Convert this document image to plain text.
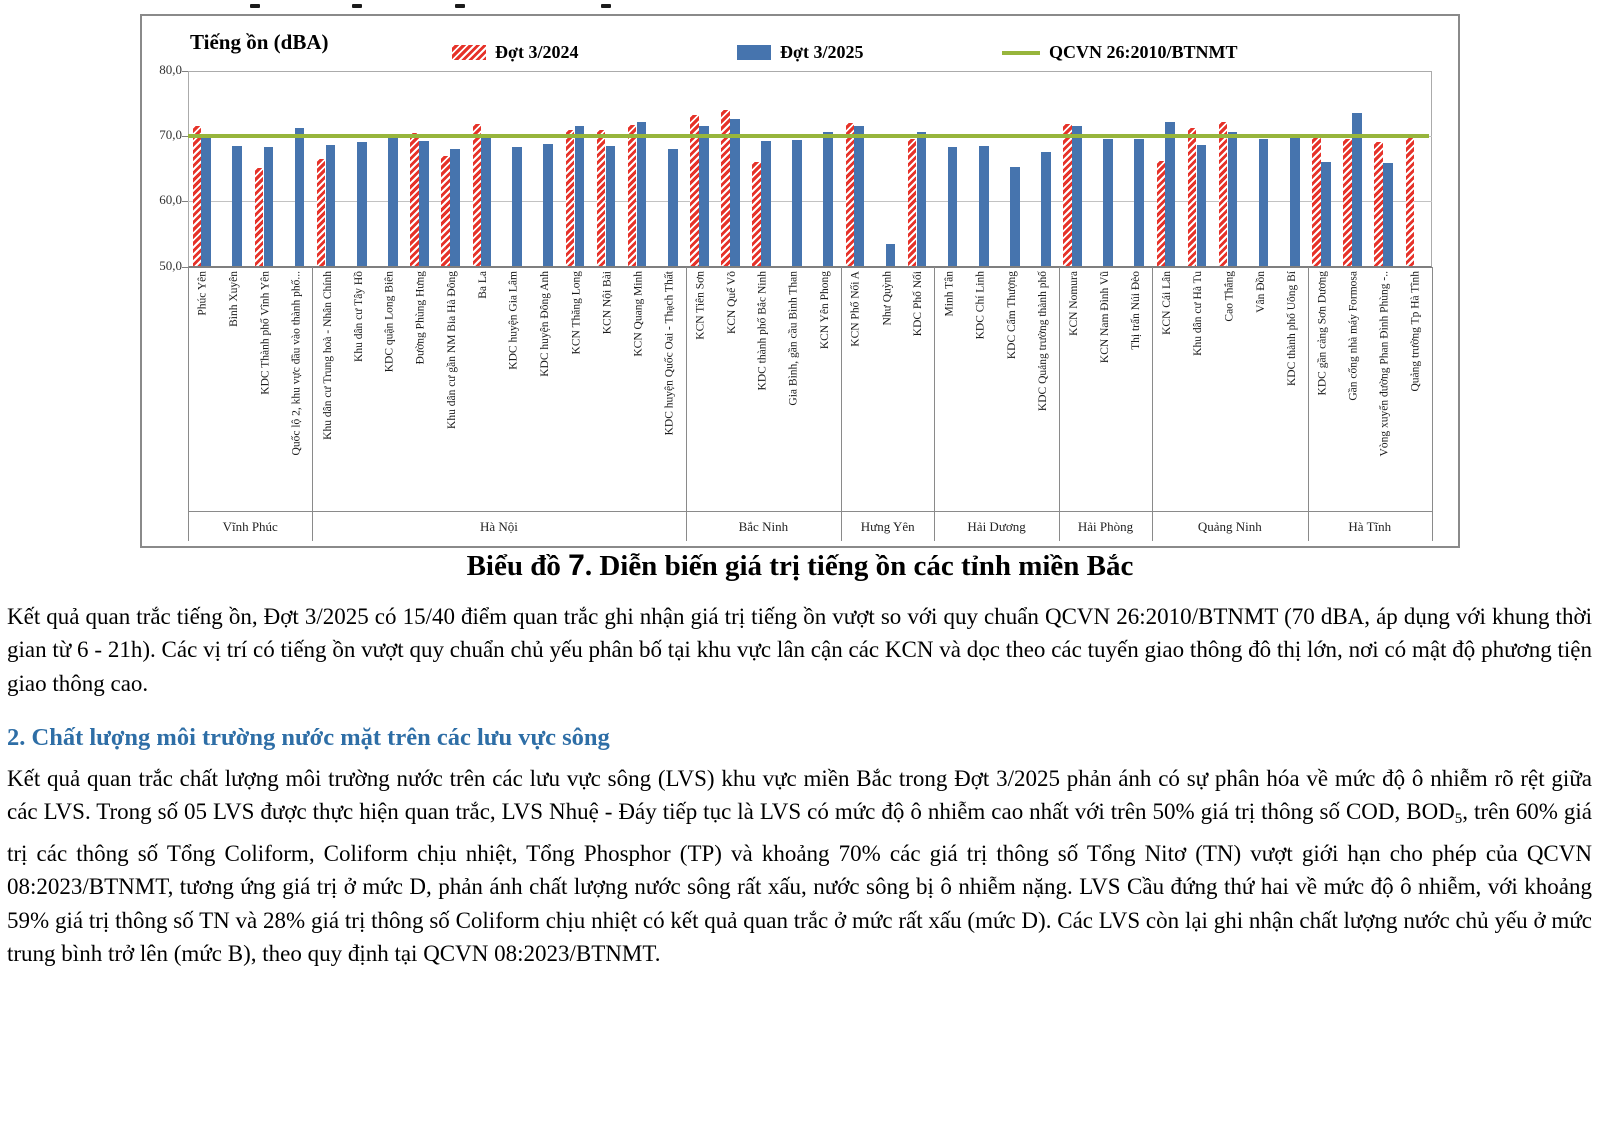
Tiếng ồn (dBA)	Đợt 3/2024	Đợt 3/2025	QCVN 26:2010/BTNMT
80,0
70,0
60,0
50,0
Phúc Yên Bình Xuyên KDC Thành phố Vĩnh Yên Quốc lộ 2, khu vực đầu vào thành phố... Khu dân cư Trung hoà - Nhân Chính Khu dân cư Tây Hồ KDC quận Long Biên Đường Phùng Hưng Khu dân cư gần NM Bia Hà Đông Ba La KDC huyện Gia Lâm KDC huyện Đông Anh KCN Thăng Long KCN Nội Bài KCN Quang Minh KDC huyện Quốc Oai - Thạch Thất KCN Tiên Sơn KCN Quế Võ KDC thành phố Bắc Ninh Gia Bình, gần cầu Bình Than KCN Yên Phong KCN Phố Nối A Như Quỳnh KDC Phố Nối Minh Tân KDC Chí Linh KDC Cẩm Thượng KDC Quảng trường thành phố KCN Nomura KCN Nam Đình Vũ Thị trấn Núi Đèo KCN Cái Lân Khu dân cư Hà Tu Cao Thắng Vân Đồn KDC thành phố Uông Bí KDC gần cảng Sơn Dương Gần cổng nhà máy Formosa Vòng xuyến đường Phan Đình Phùng -.. Quảng trường Tp Hà Tĩnh
Vĩnh Phúc	Hà Nội	Bắc Ninh	Hưng Yên	Hải Dương	Hải Phòng	Quảng Ninh	Hà Tĩnh
Biểu đồ 7. Diễn biến giá trị tiếng ồn các tỉnh miền Bắc
Kết quả quan trắc tiếng ồn, Đợt 3/2025 có 15/40 điểm quan trắc ghi nhận giá trị tiếng ồn vượt so với quy chuẩn QCVN 26:2010/BTNMT (70 dBA, áp dụng với khung thời gian từ 6 - 21h). Các vị trí có tiếng ồn vượt quy chuẩn chủ yếu phân bố tại khu vực lân cận các KCN và dọc theo các tuyến giao thông đô thị lớn, nơi có mật độ phương tiện giao thông cao.
2. Chất lượng môi trường nước mặt trên các lưu vực sông
Kết quả quan trắc chất lượng môi trường nước trên các lưu vực sông (LVS) khu vực miền Bắc trong Đợt 3/2025 phản ánh có sự phân hóa về mức độ ô nhiễm rõ rệt giữa các LVS. Trong số 05 LVS được thực hiện quan trắc, LVS Nhuệ - Đáy tiếp tục là LVS có mức độ ô nhiễm cao nhất với trên 50% giá trị thông số COD, $BOD_5$, trên 60% giá trị các thông số Tổng Coliform, Coliform chịu nhiệt, Tổng Phosphor (TP) và khoảng 70% các giá trị thông số Tổng Nitơ (TN) vượt giới hạn cho phép của QCVN 08:2023/BTNMT, tương ứng giá trị ở mức D, phản ánh chất lượng nước sông rất xấu, nước sông bị ô nhiễm nặng. LVS Cầu đứng thứ hai về mức độ ô nhiễm, với khoảng 59% giá trị thông số TN và 28% giá trị thông số Coliform chịu nhiệt có kết quả quan trắc ở mức rất xấu (mức D). Các LVS còn lại ghi nhận chất lượng nước chủ yếu ở mức trung bình trở lên (mức B), theo quy định tại QCVN 08:2023/BTNMT.
